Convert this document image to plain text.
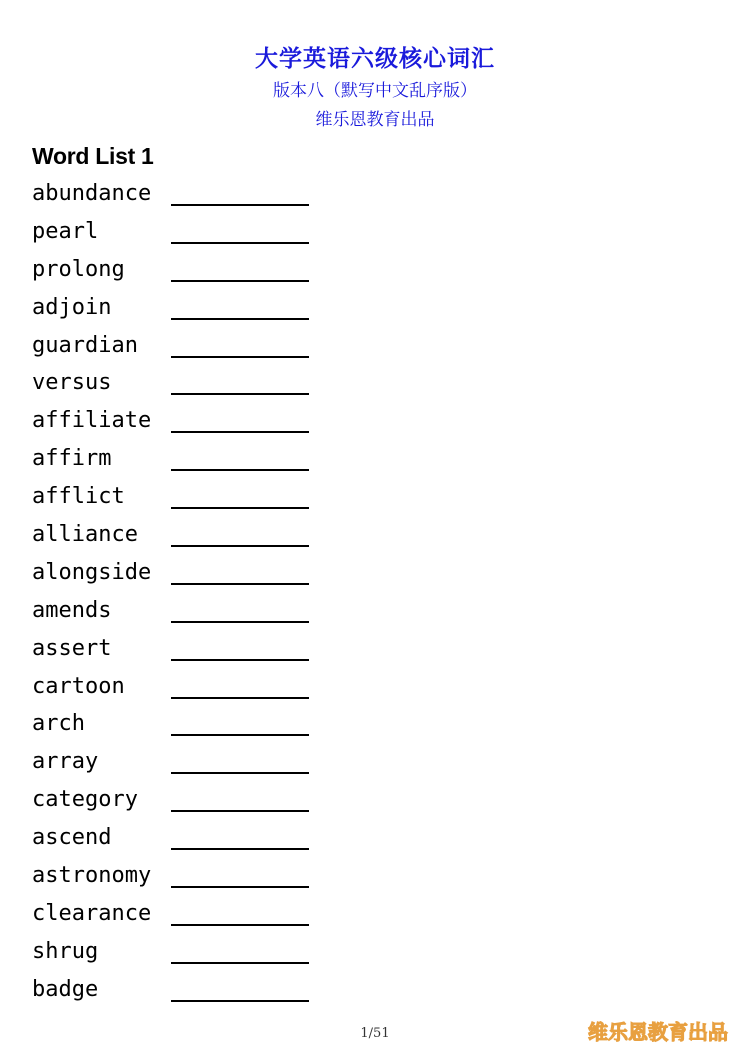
大学英语六级核心词汇
版本八（默写中文乱序版）
维乐恩教育出品
Word List 1
abundance
pearl
prolong
adjoin
guardian
versus
affiliate
affirm
afflict
alliance
alongside
amends
assert
cartoon
arch
array
category
ascend
astronomy
clearance
shrug
badge
1/51	维乐恩教育出品
